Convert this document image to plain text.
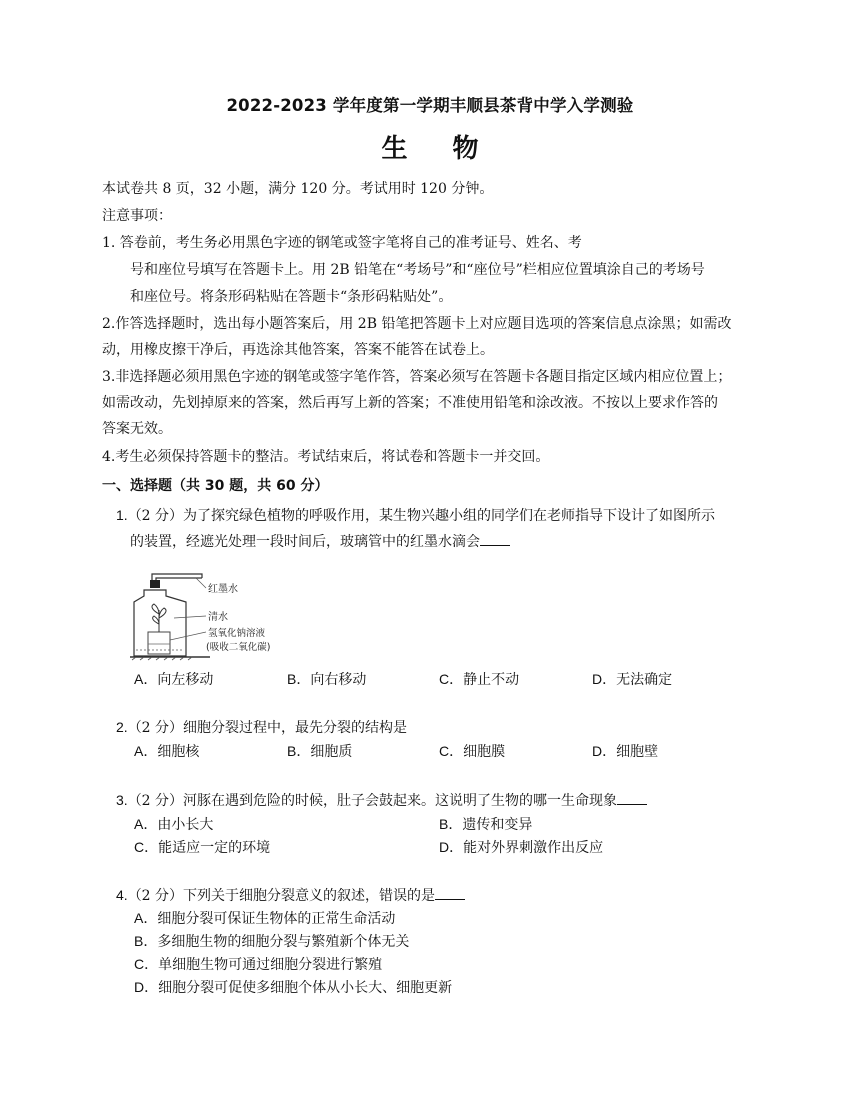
2022-2023 学年度第一学期丰顺县茶背中学入学测验
生 物
本试卷共 8 页，32 小题，满分 120 分。考试用时 120 分钟。
注意事项：
1. 答卷前，考生务必用黑色字迹的钢笔或签字笔将自己的准考证号、姓名、考
号和座位号填写在答题卡上。用 2B 铅笔在“考场号”和“座位号”栏相应位置填涂自己的考场号
和座位号。将条形码粘贴在答题卡“条形码粘贴处”。
2.作答选择题时，选出每小题答案后，用 2B 铅笔把答题卡上对应题目选项的答案信息点涂黑；如需改
动，用橡皮擦干净后，再选涂其他答案，答案不能答在试卷上。
3.非选择题必须用黑色字迹的钢笔或签字笔作答，答案必须写在答题卡各题目指定区域内相应位置上；
如需改动，先划掉原来的答案，然后再写上新的答案；不准使用铅笔和涂改液。不按以上要求作答的
答案无效。
4.考生必须保持答题卡的整洁。考试结束后，将试卷和答题卡一并交回。
一、选择题（共 30 题，共 60 分）
1.（2 分）为了探究绿色植物的呼吸作用，某生物兴趣小组的同学们在老师指导下设计了如图所示
的装置，经遮光处理一段时间后，玻璃管中的红墨水滴会
红墨水
清水
氢氧化钠溶液
(吸收二氧化碳)
A．向左移动	B．向右移动	C．静止不动	D．无法确定
2.（2 分）细胞分裂过程中，最先分裂的结构是
A．细胞核	B．细胞质	C．细胞膜	D．细胞壁
3.（2 分）河豚在遇到危险的时候，肚子会鼓起来。这说明了生物的哪一生命现象
A．由小长大	B．遗传和变异
C．能适应一定的环境	D．能对外界刺激作出反应
4.（2 分）下列关于细胞分裂意义的叙述，错误的是
A．细胞分裂可保证生物体的正常生命活动
B．多细胞生物的细胞分裂与繁殖新个体无关
C．单细胞生物可通过细胞分裂进行繁殖
D．细胞分裂可促使多细胞个体从小长大、细胞更新
